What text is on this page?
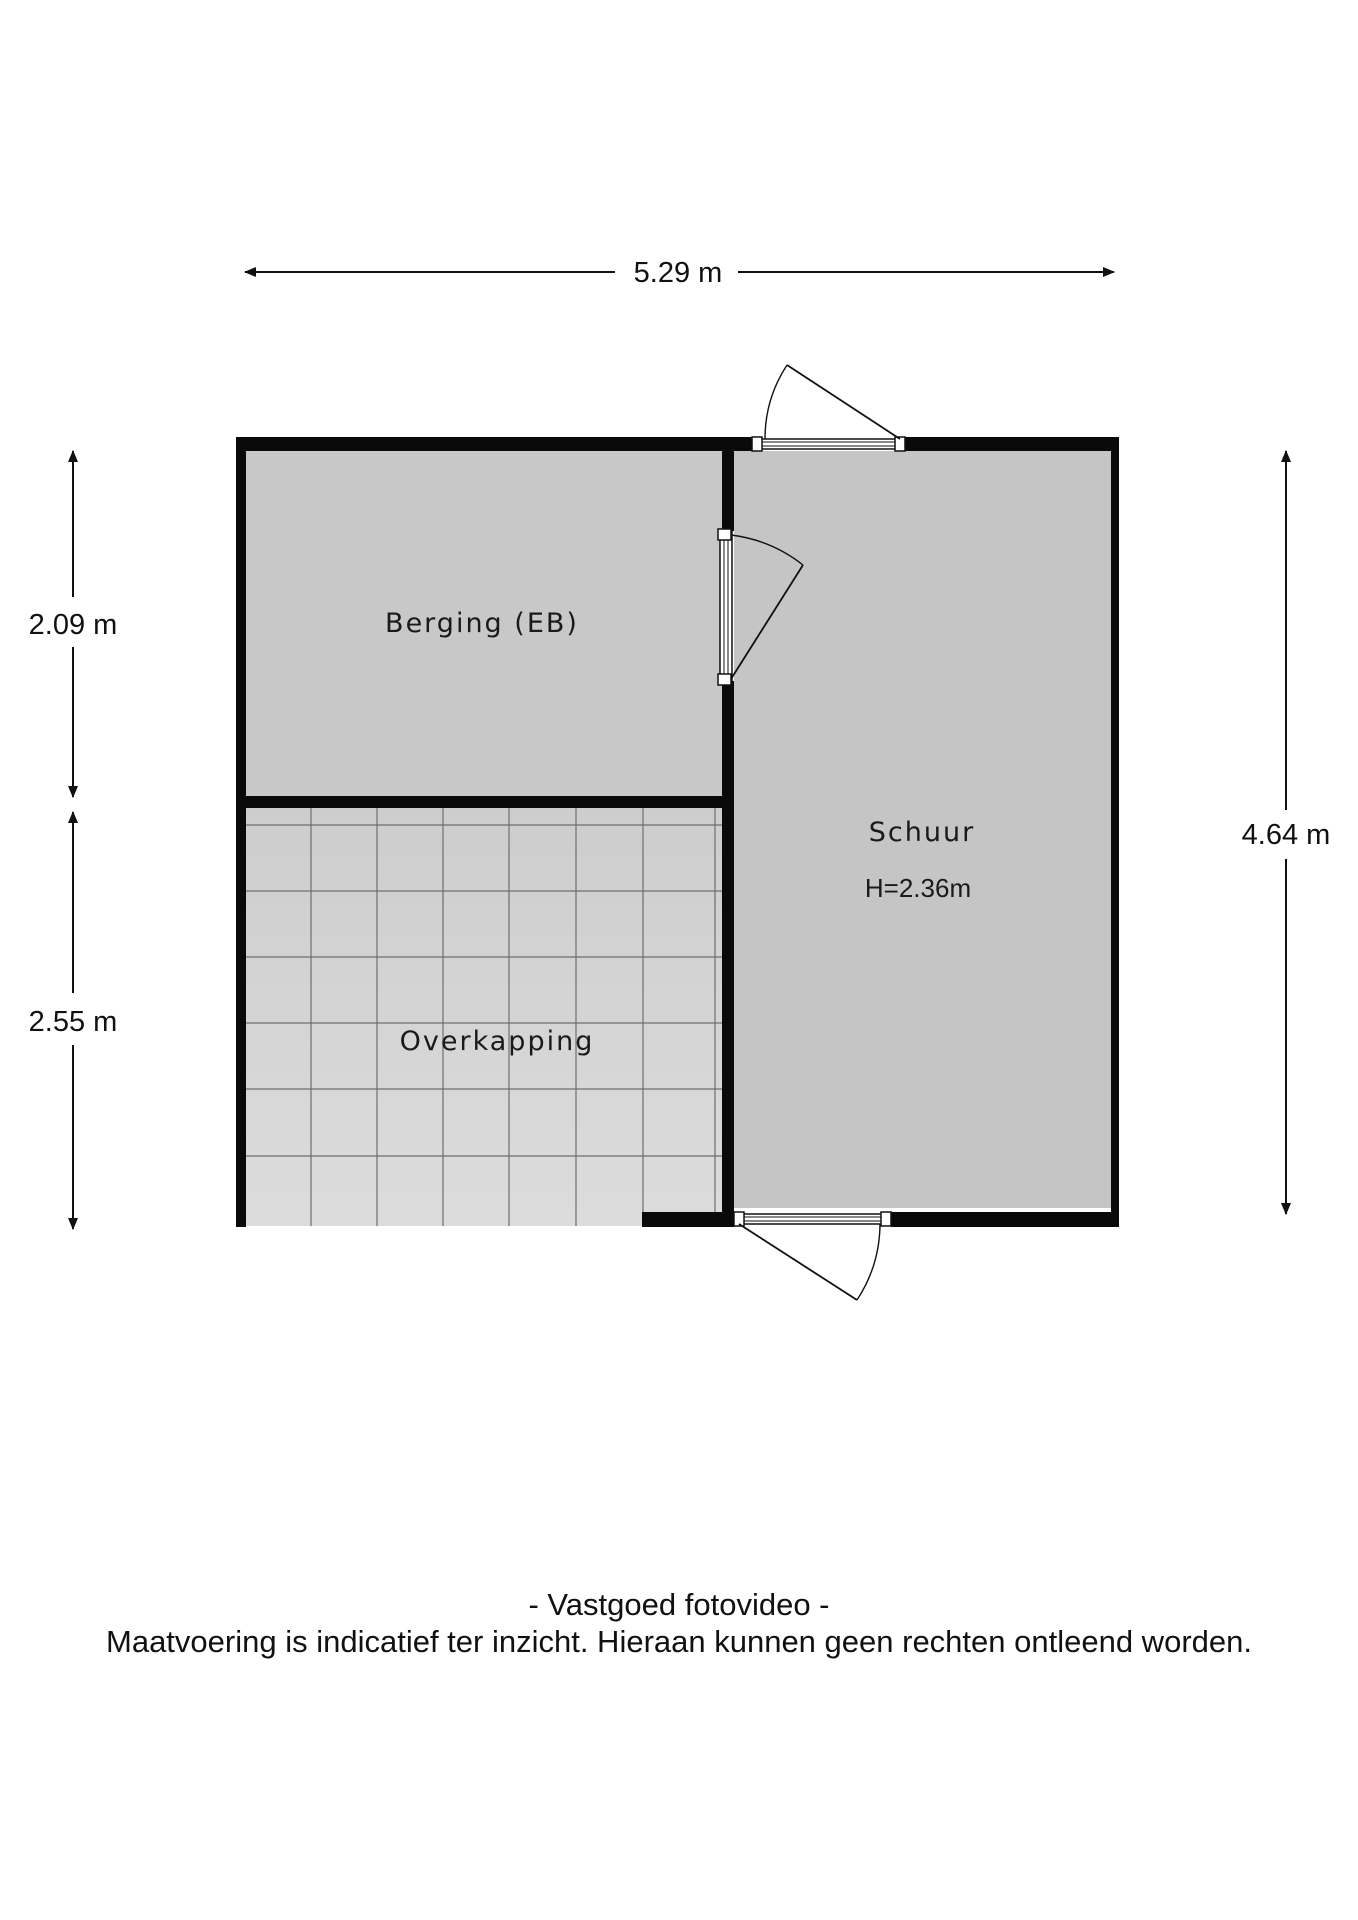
Berging (EB)
Schuur
H=2.36m
Overkapping
5.29 m
2.09 m
2.55 m
4.64 m
- Vastgoed fotovideo -
Maatvoering is indicatief ter inzicht. Hieraan kunnen geen rechten ontleend worden.
